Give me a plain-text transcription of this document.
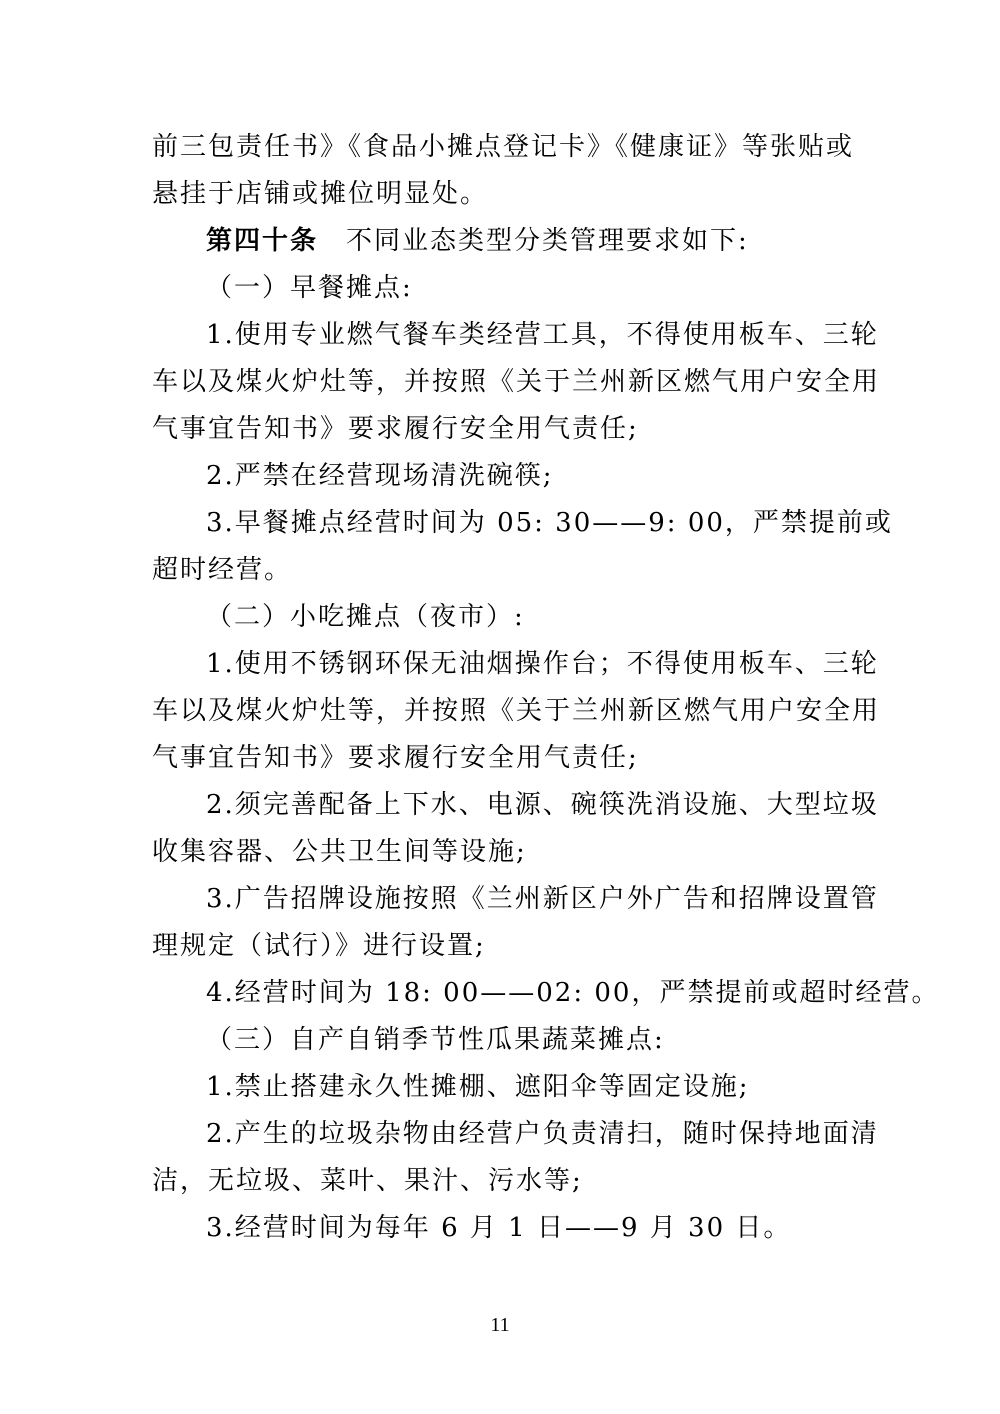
前三包责任书》《食品小摊点登记卡》《健康证》等张贴或
悬挂于店铺或摊位明显处。
第四十条 不同业态类型分类管理要求如下:
（一）早餐摊点:
1.使用专业燃气餐车类经营工具，不得使用板车、三轮
车以及煤火炉灶等，并按照《关于兰州新区燃气用户安全用
气事宜告知书》要求履行安全用气责任;
2.严禁在经营现场清洗碗筷;
3.早餐摊点经营时间为 05: 30——9: 00，严禁提前或
超时经营。
（二）小吃摊点（夜市）:
1.使用不锈钢环保无油烟操作台；不得使用板车、三轮
车以及煤火炉灶等，并按照《关于兰州新区燃气用户安全用
气事宜告知书》要求履行安全用气责任;
2.须完善配备上下水、电源、碗筷洗消设施、大型垃圾
收集容器、公共卫生间等设施;
3.广告招牌设施按照《兰州新区户外广告和招牌设置管
理规定（试行）》进行设置;
4.经营时间为 18: 00——02: 00，严禁提前或超时经营。
（三）自产自销季节性瓜果蔬菜摊点:
1.禁止搭建永久性摊棚、遮阳伞等固定设施;
2.产生的垃圾杂物由经营户负责清扫，随时保持地面清
洁，无垃圾、菜叶、果汁、污水等;
3.经营时间为每年 6 月 1 日——9 月 30 日。
11
